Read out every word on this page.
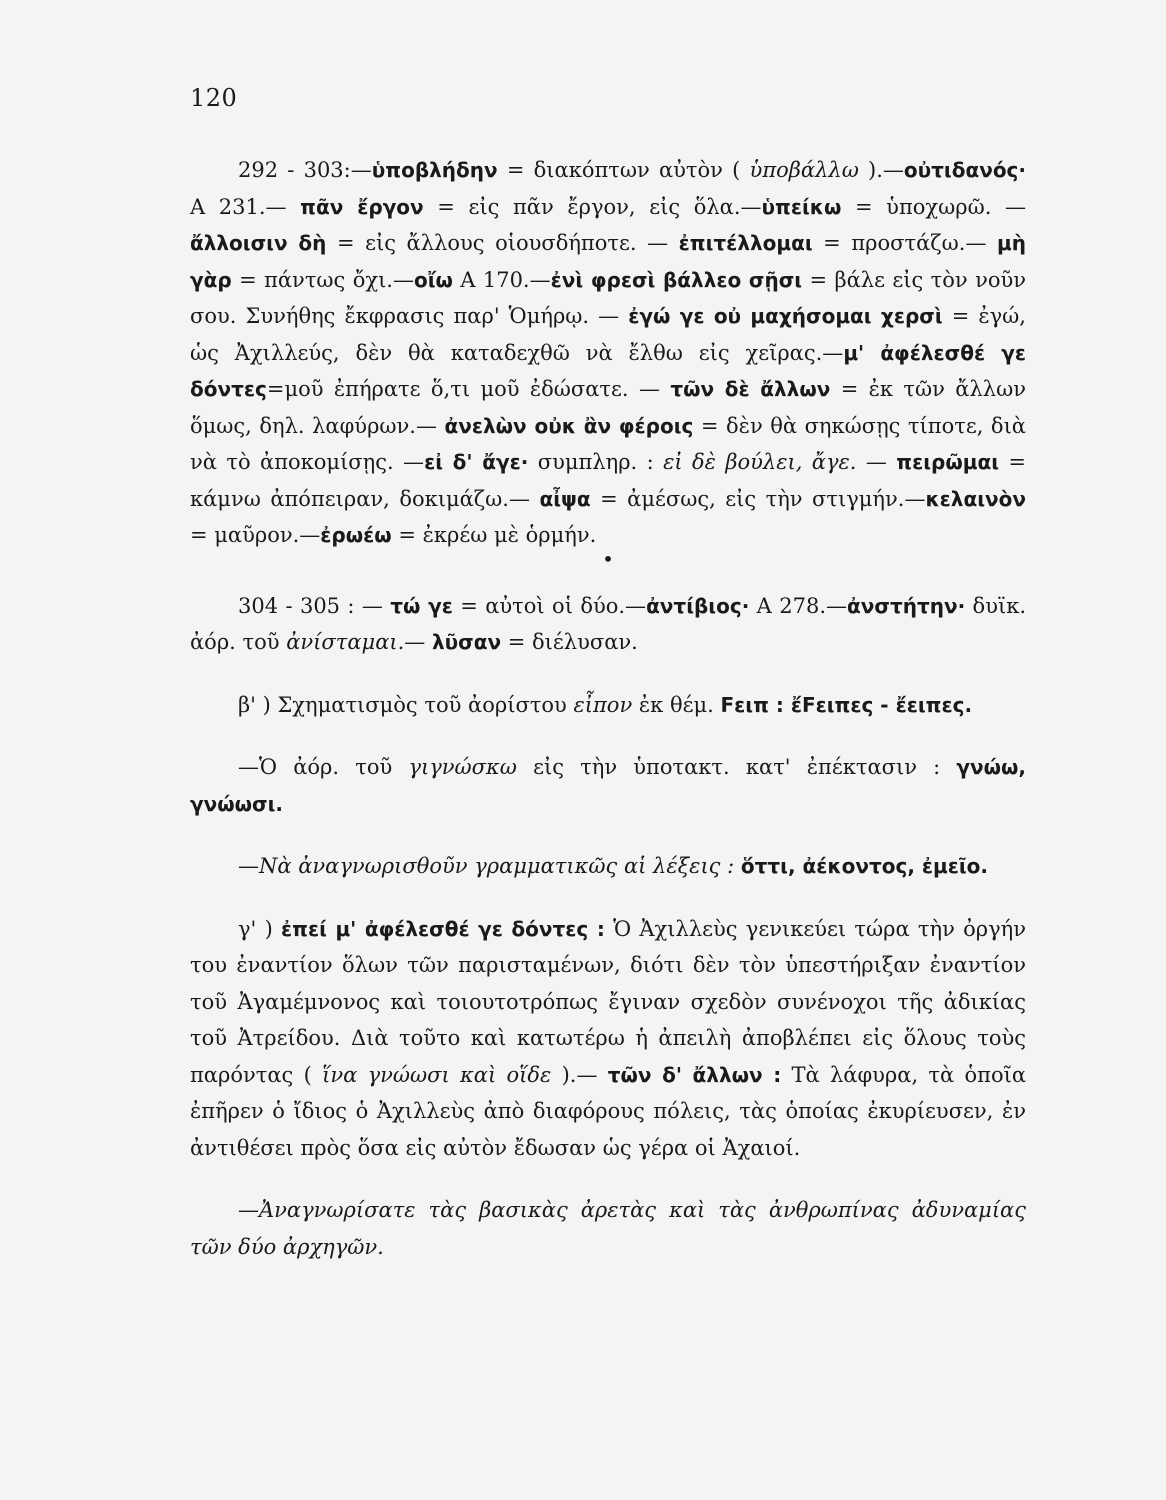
120

292 - 303:—ὑποβλήδην = διακόπτων αὐτὸν ( ὑποβάλλω ).—οὐτιδανός· Α 231.— πᾶν ἔργον = εἰς πᾶν ἔργον, εἰς ὅλα.—ὑπείκω = ὑποχωρῶ. — ἄλλοισιν δὴ = εἰς ἄλλους οἱουσδήποτε. — ἐπιτέλλομαι = προστάζω.— μὴ γὰρ = πάντως ὄχι.—οἴω Α 170.—ἐνὶ φρεσὶ βάλλεο σῇσι = βάλε εἰς τὸν νοῦν σου. Συνήθης ἔκφρασις παρ' Ὁμήρῳ. — ἐγώ γε οὐ μαχήσομαι χερσὶ = ἐγώ, ὡς Ἀχιλλεύς, δὲν θὰ καταδεχθῶ νὰ ἔλθω εἰς χεῖρας.—μ' ἀφέλεσθέ γε δόντες=μοῦ ἐπήρατε ὅ,τι μοῦ ἐδώσατε. — τῶν δὲ ἄλλων = ἐκ τῶν ἄλλων ὅμως, δηλ. λαφύρων.— ἀνελὼν οὐκ ἂν φέροις = δὲν θὰ σηκώσῃς τίποτε, διὰ νὰ τὸ ἀποκομίσῃς. —εἰ δ' ἄγε· συμπληρ. : εἰ δὲ βούλει, ἄγε. — πειρῶμαι = κάμνω ἀπόπειραν, δοκιμάζω.— αἶψα = ἀμέσως, εἰς τὴν στιγμήν.—κελαινὸν = μαῦρον.—ἐρωέω = ἐκρέω μὲ ὁρμήν.

•

304 - 305 : — τώ γε = αὐτοὶ οἱ δύο.—ἀντίβιος· Α 278.—ἀνστήτην· δυϊκ. ἀόρ. τοῦ ἀνίσταμαι.— λῦσαν = διέλυσαν.

β' ) Σχηματισμὸς τοῦ ἀορίστου εἶπον ἐκ θέμ. Ϝειπ : ἔϜειπες - ἔειπες.

—Ὁ ἀόρ. τοῦ γιγνώσκω εἰς τὴν ὑποτακτ. κατ' ἐπέκτασιν : γνώω, γνώωσι.

—Νὰ ἀναγνωρισθοῦν γραμματικῶς αἱ λέξεις : ὅττι, ἀέκοντος, ἐμεῖο.

γ' ) ἐπεί μ' ἀφέλεσθέ γε δόντες : Ὁ Ἀχιλλεὺς γενικεύει τώρα τὴν ὀργήν του ἐναντίον ὅλων τῶν παρισταμένων, διότι δὲν τὸν ὑπεστήριξαν ἐναντίον τοῦ Ἀγαμέμνονος καὶ τοιουτοτρόπως ἔγιναν σχεδὸν συνένοχοι τῆς ἀδικίας τοῦ Ἀτρείδου. Διὰ τοῦτο καὶ κατωτέρω ἡ ἀπειλὴ ἀποβλέπει εἰς ὅλους τοὺς παρόντας ( ἵνα γνώωσι καὶ οἵδε ).— τῶν δ' ἄλλων : Τὰ λάφυρα, τὰ ὁποῖα ἐπῆρεν ὁ ἴδιος ὁ Ἀχιλλεὺς ἀπὸ διαφόρους πόλεις, τὰς ὁποίας ἐκυρίευσεν, ἐν ἀντιθέσει πρὸς ὅσα εἰς αὐτὸν ἔδωσαν ὡς γέρα οἱ Ἀχαιοί.

—Ἀναγνωρίσατε τὰς βασικὰς ἀρετὰς καὶ τὰς ἀνθρωπίνας ἀδυναμίας τῶν δύο ἀρχηγῶν.
